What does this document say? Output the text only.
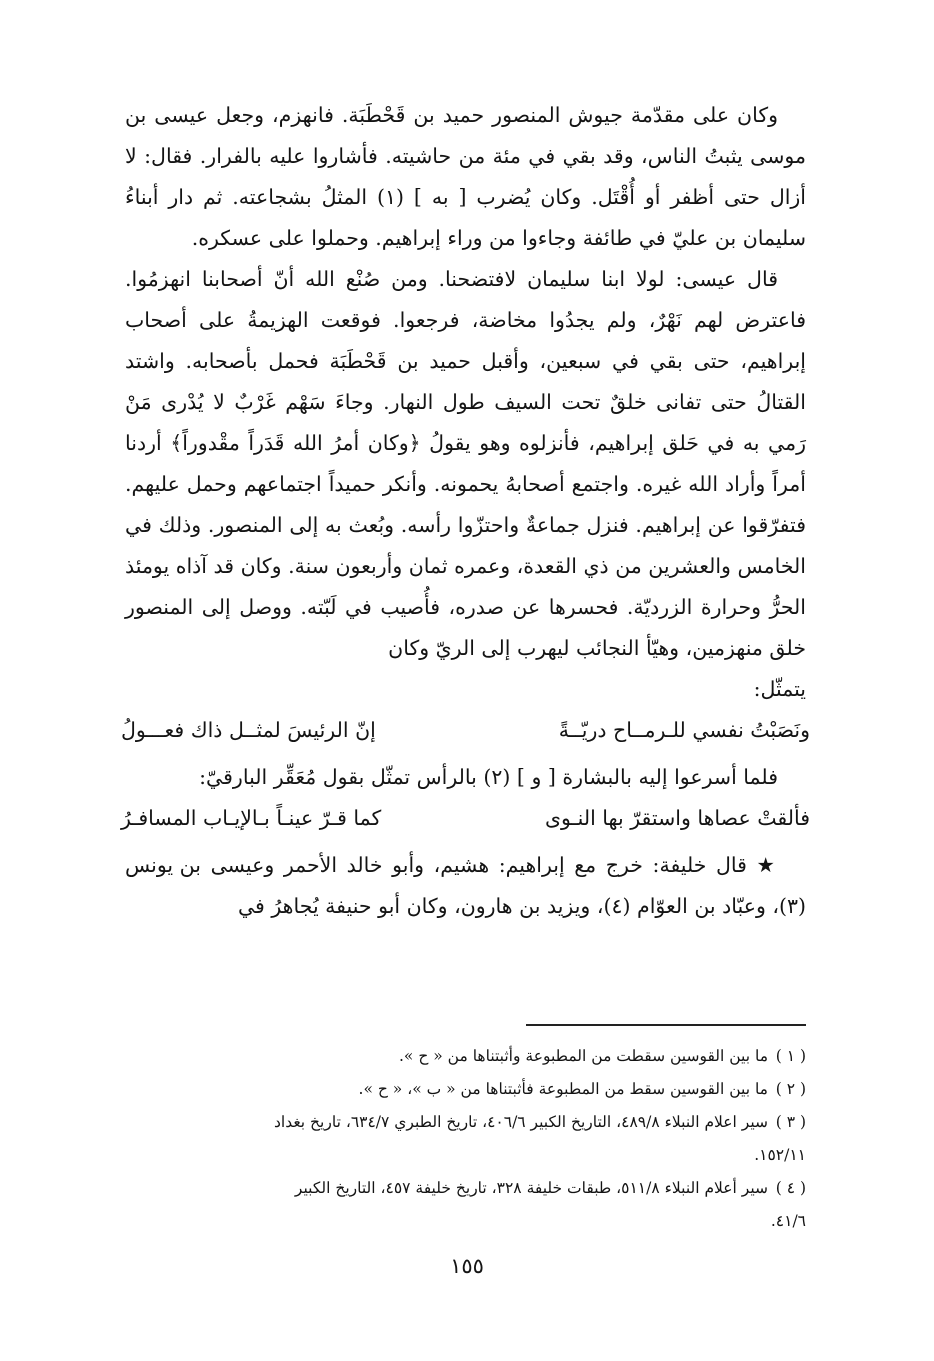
وكان على مقدّمة جيوش المنصور حميد بن قَحْطَبَة. فانهزم، وجعل عيسى بن موسى يثبتُ الناس، وقد بقي في مئة من حاشيته. فأشاروا عليه بالفرار. فقال: لا أزال حتى أظفر أو أُقْتَل. وكان يُضرب [ به ] (١) المثلُ بشجاعته. ثم دار أبناءُ سليمان بن عليّ في طائفة وجاءوا من وراء إبراهيم. وحملوا على عسكره.

قال عيسى: لولا ابنا سليمان لافتضحنا. ومن صُنْع الله أنّ أصحابنا انهزمُوا. فاعترض لهم نَهْرٌ، ولم يجدُوا مخاضة، فرجعوا. فوقعت الهزيمةُ على أصحاب إبراهيم، حتى بقي في سبعين، وأقبل حميد بن قَحْطَبَة فحمل بأصحابه. واشتد القتالُ حتى تفانى خلقٌ تحت السيف طول النهار. وجاءَ سَهْم غَرْبٌ لا يُدْرى مَنْ رَمي به في حَلق إبراهيم، فأنزلوه وهو يقولُ ﴿وكان أمرُ الله قَدَراً مقْدوراً﴾ أردنا أمراً وأراد الله غيره. واجتمع أصحابهُ يحمونه. وأنكر حميداً اجتماعهم وحمل عليهم. فتفرّقوا عن إبراهيم. فنزل جماعةٌ واحتزّوا رأسه. وبُعث به إلى المنصور. وذلك في الخامس والعشرين من ذي القعدة، وعمره ثمان وأربعون سنة. وكان قد آذاه يومئذ الحرُّ وحرارة الزرديّة. فحسرها عن صدره، فأُصيب في لَبّته. ووصل إلى المنصور خلق منهزمين، وهيّأ النجائب ليهرب إلى الريّ وكان

يتمثّل:

ونَصَبْتُ نفسي للـرمــاح دريّــةً
إنّ الرئيسَ لمثــل ذاك فعـــولُ

فلما أسرعوا إليه بالبشارة [ و ] (٢) بالرأس تمثّل بقول مُعَقِّر البارقيّ:

فألقتْ عصاها واستقرّ بها النـوى
كما قـرّ عينـاً بـالإيـاب المسافـرُ

★ قال خليفة: خرج مع إبراهيم: هشيم، وأبو خالد الأحمر وعيسى بن يونس (٣)، وعبّاد بن العوّام (٤)، ويزيد بن هارون، وكان أبو حنيفة يُجاهرُ في

( ١ )
ما بين القوسين سقطت من المطبوعة وأثبتناها من « ح ».
( ٢ )
ما بين القوسين سقط من المطبوعة فأثبتناها من « ب »، « ح ».
( ٣ )
سير اعلام النبلاء ٤٨٩/٨، التاريخ الكبير ٤٠٦/٦، تاريخ الطبري ٦٣٤/٧، تاريخ بغداد
١٥٢/١١.
( ٤ )
سير أعلام النبلاء ٥١١/٨، طبقات خليفة ٣٢٨، تاريخ خليفة ٤٥٧، التاريخ الكبير
٤١/٦.
١٥٥
